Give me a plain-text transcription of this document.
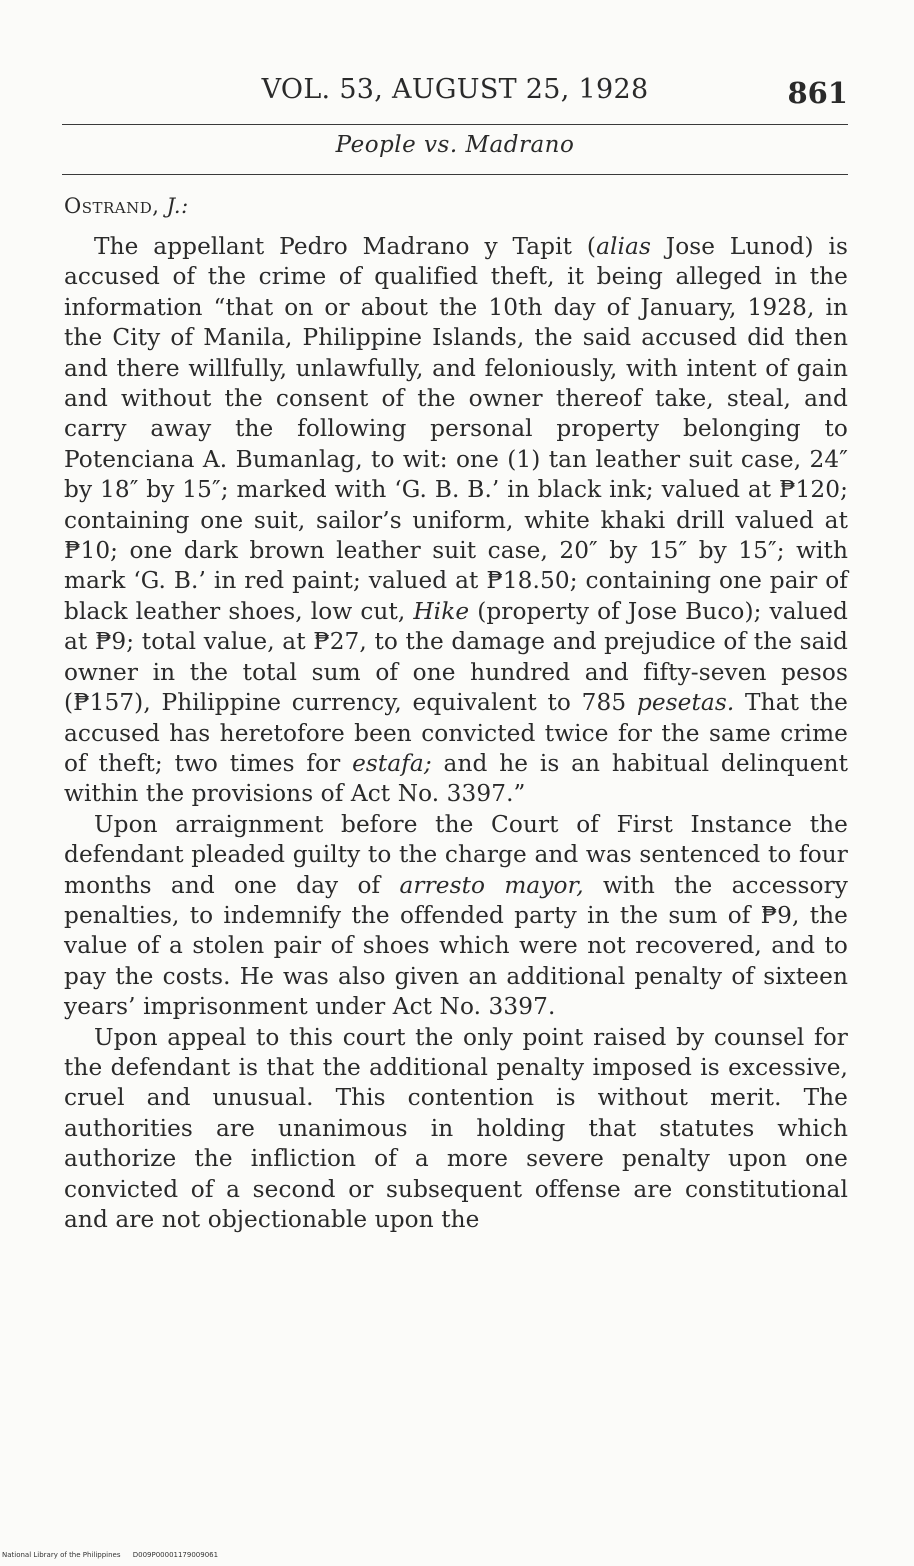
VOL. 53, AUGUST 25, 1928	861
People vs. Madrano
Ostrand, J.:

The appellant Pedro Madrano y Tapit (alias Jose Lunod) is accused of the crime of qualified theft, it being alleged in the information “that on or about the 10th day of January, 1928, in the City of Manila, Philippine Islands, the said accused did then and there willfully, unlawfully, and feloniously, with intent of gain and without the consent of the owner thereof take, steal, and carry away the following personal property belonging to Potenciana A. Bumanlag, to wit: one (1) tan leather suit case, 24″ by 18″ by 15″; marked with ‘G. B. B.’ in black ink; valued at ₱120; containing one suit, sailor’s uniform, white khaki drill valued at ₱10; one dark brown leather suit case, 20″ by 15″ by 15″; with mark ‘G. B.’ in red paint; valued at ₱18.50; containing one pair of black leather shoes, low cut, Hike (property of Jose Buco); valued at ₱9; total value, at ₱27, to the damage and prejudice of the said owner in the total sum of one hundred and fifty-seven pesos (₱157), Philippine currency, equivalent to 785 pesetas. That the accused has heretofore been convicted twice for the same crime of theft; two times for estafa; and he is an habitual delinquent within the provisions of Act No. 3397.”

Upon arraignment before the Court of First Instance the defendant pleaded guilty to the charge and was sentenced to four months and one day of arresto mayor, with the accessory penalties, to indemnify the offended party in the sum of ₱9, the value of a stolen pair of shoes which were not recovered, and to pay the costs. He was also given an additional penalty of sixteen years’ imprisonment under Act No. 3397.

Upon appeal to this court the only point raised by counsel for the defendant is that the additional penalty imposed is excessive, cruel and unusual. This contention is without merit. The authorities are unanimous in holding that statutes which authorize the infliction of a more severe penalty upon one convicted of a second or subsequent offense are constitutional and are not objectionable upon the

National Library of the Philippines D009P00001179009061
